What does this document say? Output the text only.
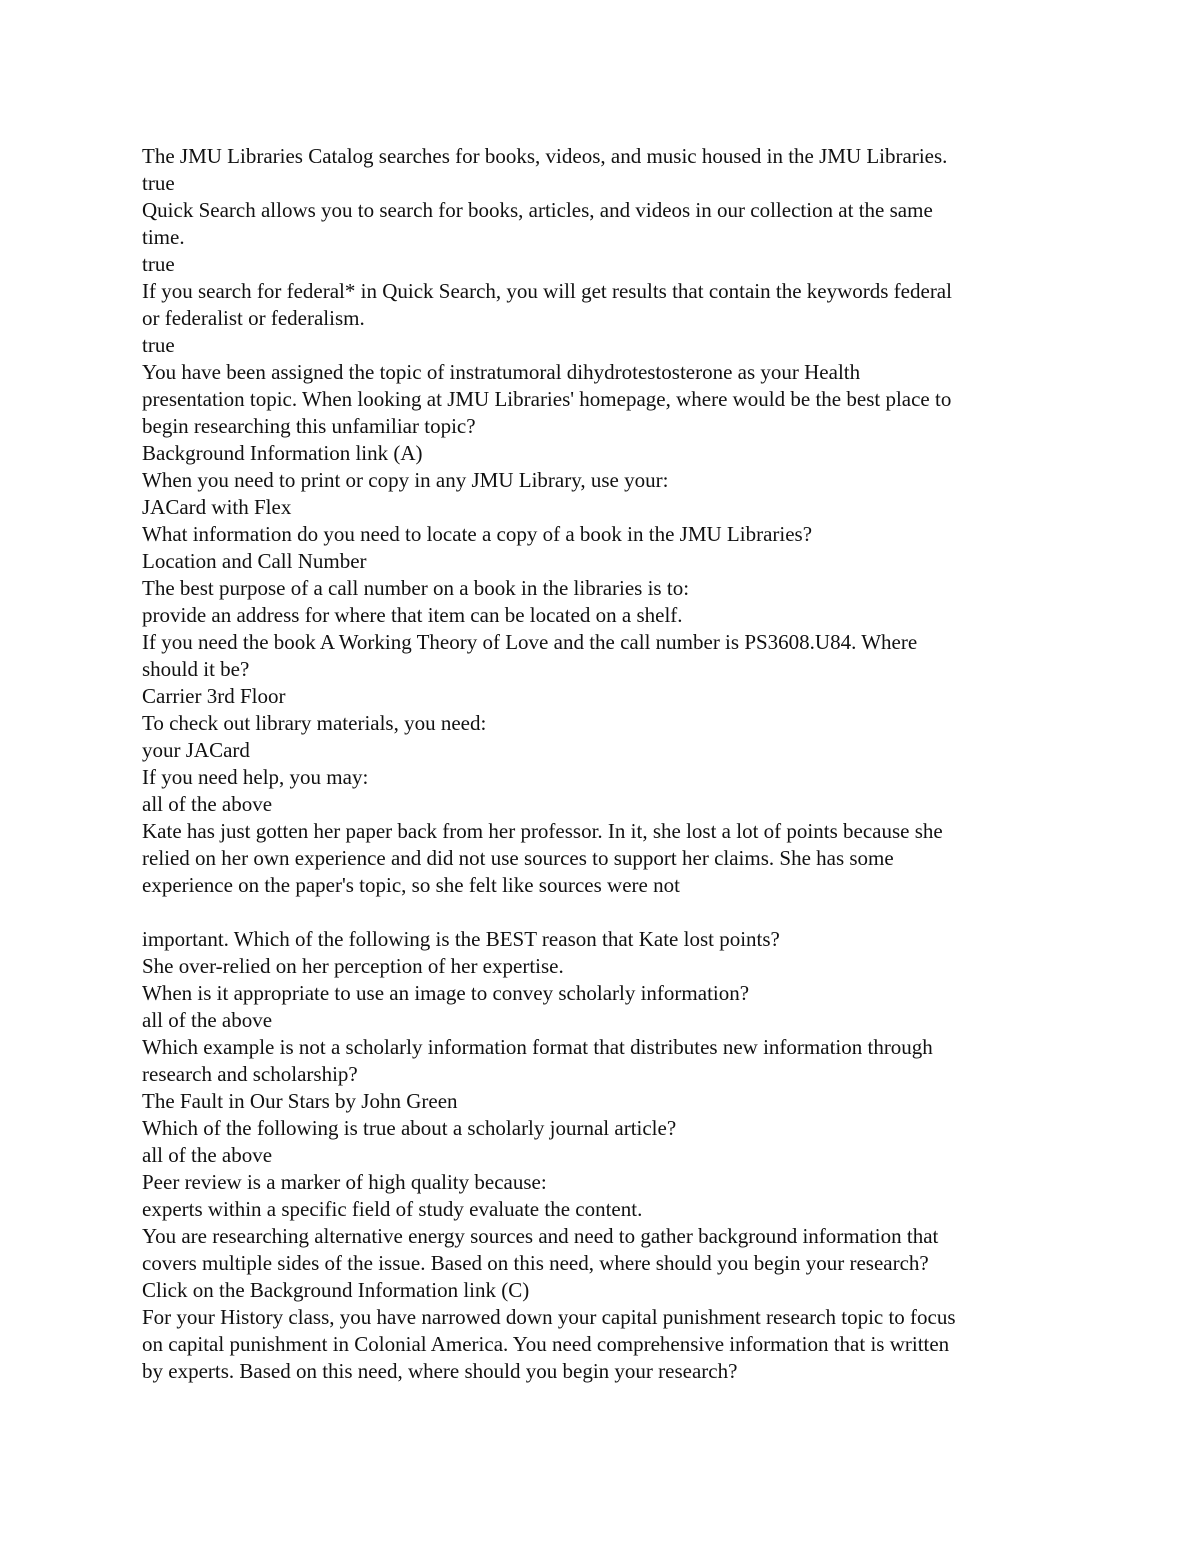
The JMU Libraries Catalog searches for books, videos, and music housed in the JMU Libraries.
true
Quick Search allows you to search for books, articles, and videos in our collection at the same
time.
true
If you search for federal* in Quick Search, you will get results that contain the keywords federal
or federalist or federalism.
true
You have been assigned the topic of instratumoral dihydrotestosterone as your Health
presentation topic. When looking at JMU Libraries' homepage, where would be the best place to
begin researching this unfamiliar topic?
Background Information link (A)
When you need to print or copy in any JMU Library, use your:
JACard with Flex
What information do you need to locate a copy of a book in the JMU Libraries?
Location and Call Number
The best purpose of a call number on a book in the libraries is to:
provide an address for where that item can be located on a shelf.
If you need the book A Working Theory of Love and the call number is PS3608.U84. Where
should it be?
Carrier 3rd Floor
To check out library materials, you need:
your JACard
If you need help, you may:
all of the above
Kate has just gotten her paper back from her professor. In it, she lost a lot of points because she
relied on her own experience and did not use sources to support her claims. She has some
experience on the paper's topic, so she felt like sources were not
important. Which of the following is the BEST reason that Kate lost points?
She over-relied on her perception of her expertise.
When is it appropriate to use an image to convey scholarly information?
all of the above
Which example is not a scholarly information format that distributes new information through
research and scholarship?
The Fault in Our Stars by John Green
Which of the following is true about a scholarly journal article?
all of the above
Peer review is a marker of high quality because:
experts within a specific field of study evaluate the content.
You are researching alternative energy sources and need to gather background information that
covers multiple sides of the issue. Based on this need, where should you begin your research?
Click on the Background Information link (C)
For your History class, you have narrowed down your capital punishment research topic to focus
on capital punishment in Colonial America. You need comprehensive information that is written
by experts. Based on this need, where should you begin your research?
